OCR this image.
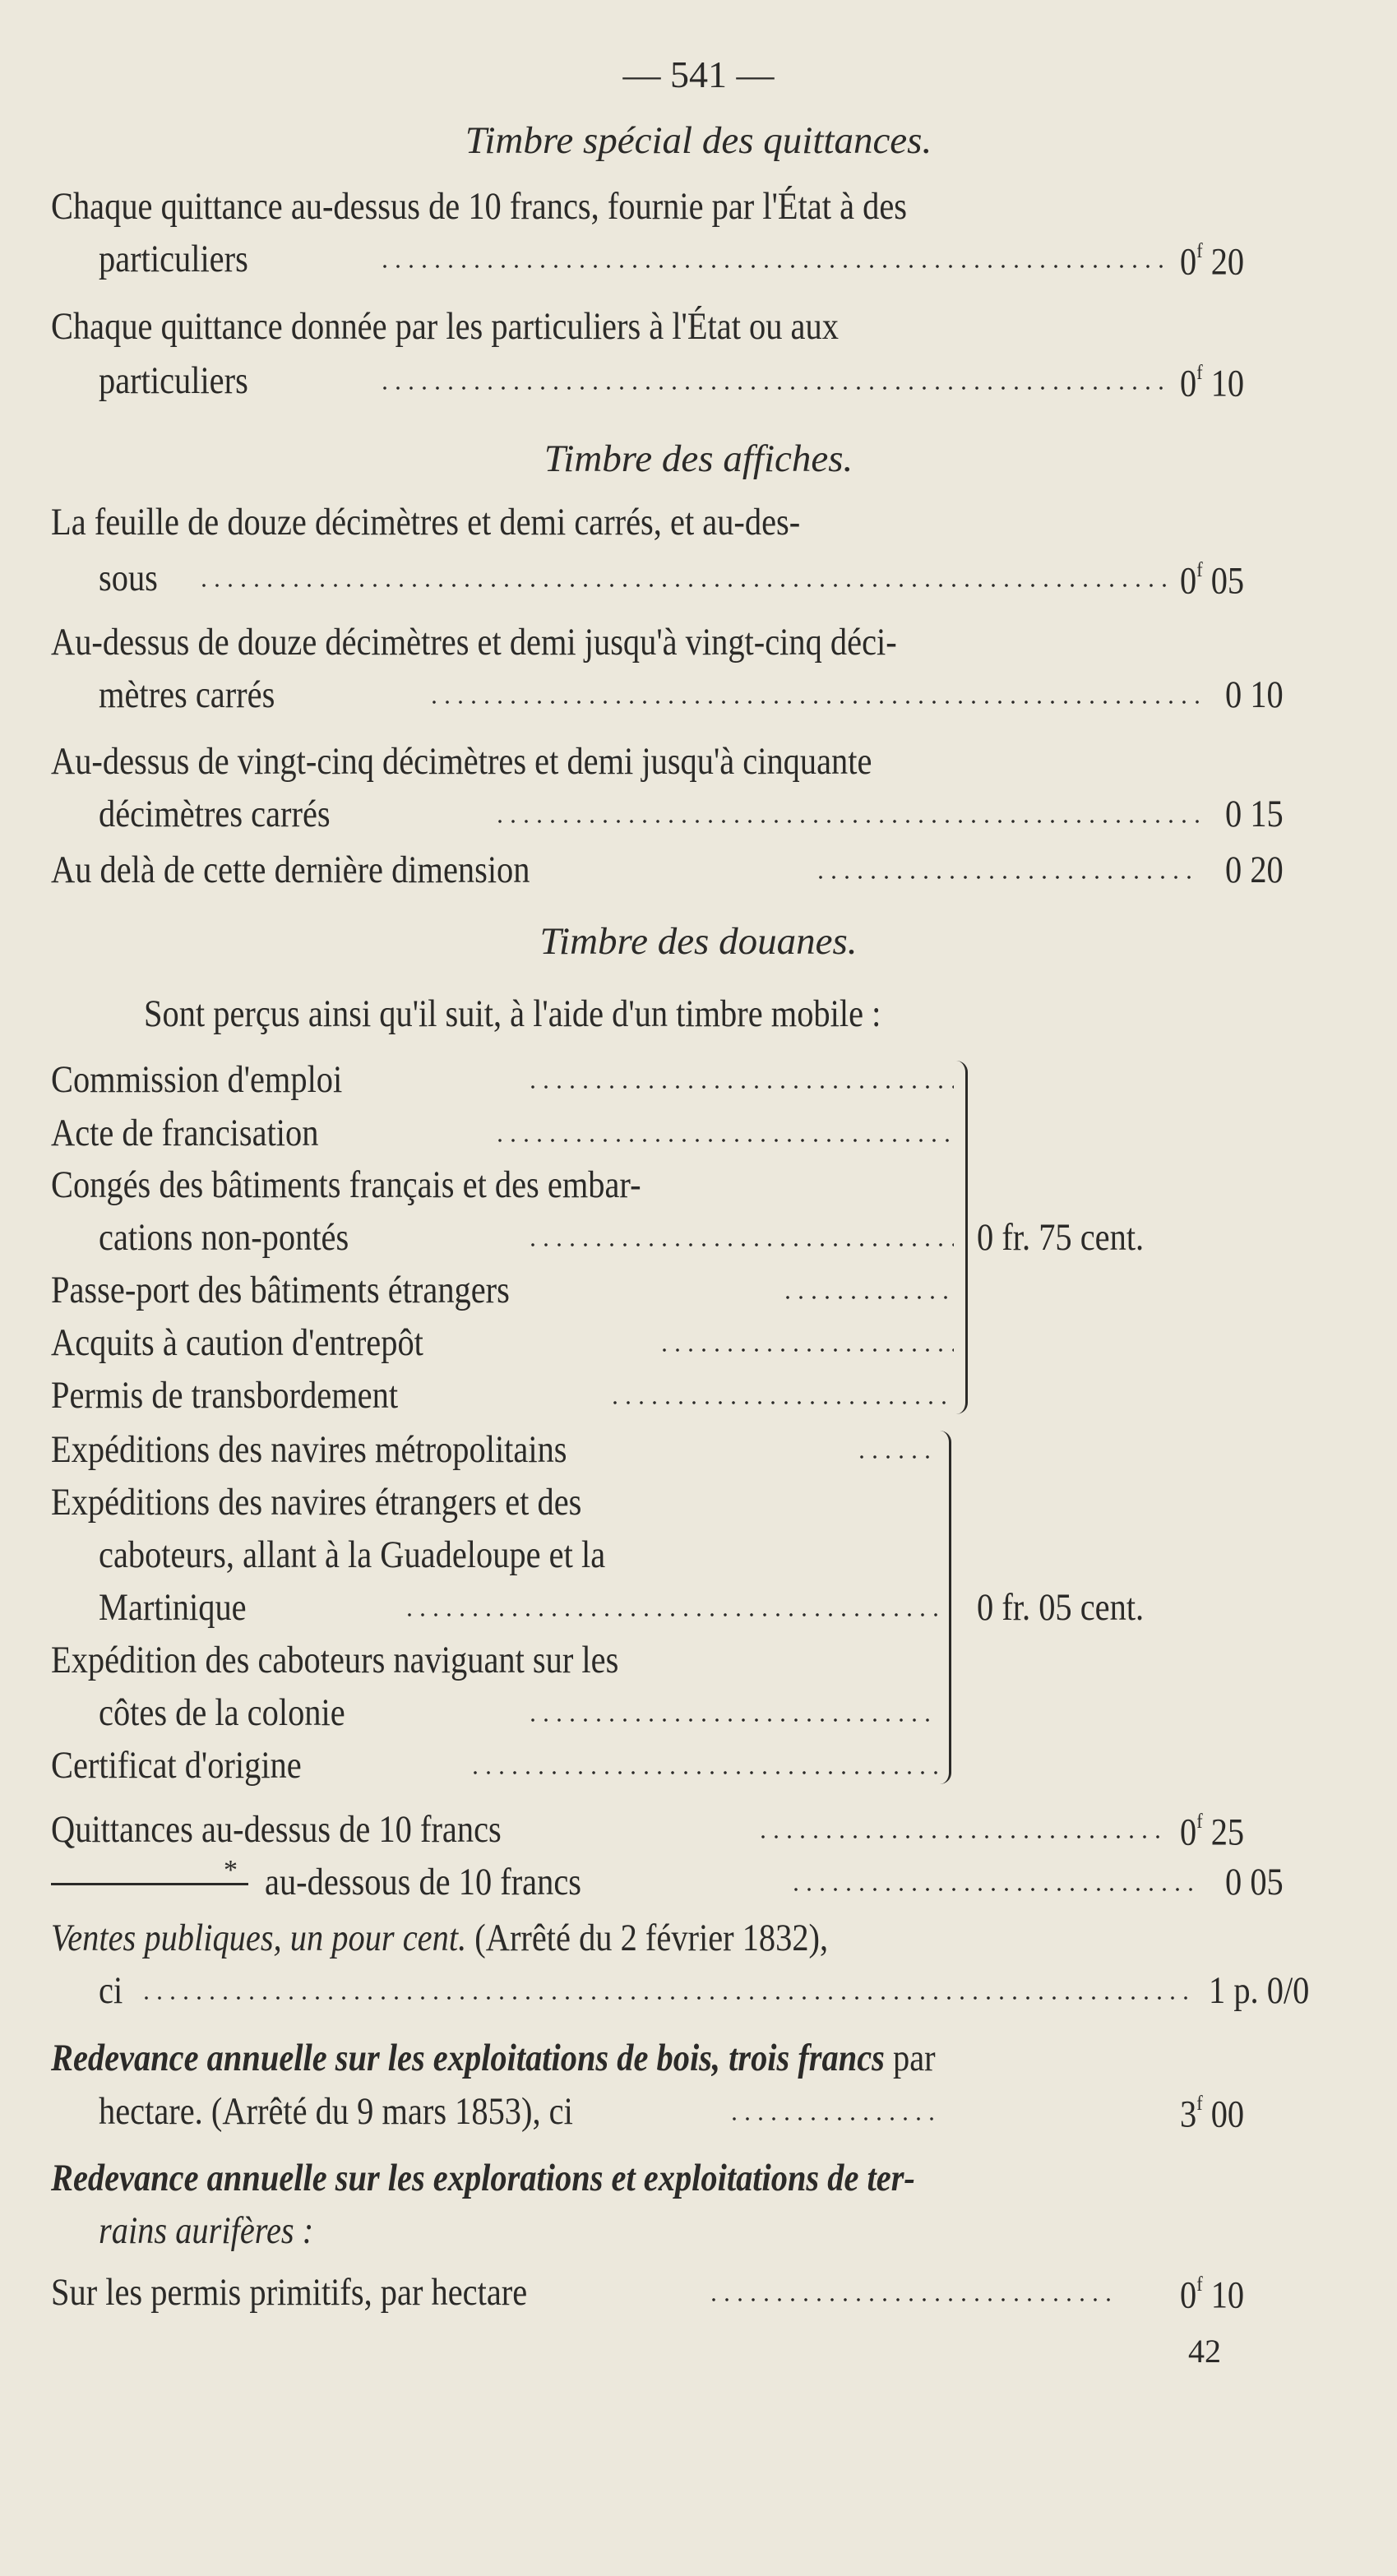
— 541 —
Timbre spécial des quittances.
Chaque quittance au-dessus de 10 francs, fournie par l'État à des
particuliers	0$^f$ 20
Chaque quittance donnée par les particuliers à l'État ou aux
particuliers	0$^f$ 10
Timbre des affiches.
La feuille de douze décimètres et demi carrés, et au-des-
sous	0$^f$ 05
Au-dessus de douze décimètres et demi jusqu'à vingt-cinq déci-
mètres carrés	0 10
Au-dessus de vingt-cinq décimètres et demi jusqu'à cinquante
décimètres carrés	0 15
Au delà de cette dernière dimension	0 20
Timbre des douanes.
Sont perçus ainsi qu'il suit, à l'aide d'un timbre mobile :
Commission d'emploi
Acte de francisation
Congés des bâtiments français et des embar-
cations non-pontés
Passe-port des bâtiments étrangers
Acquits à caution d'entrepôt
Permis de transbordement
0 fr. 75 cent.
Expéditions des navires métropolitains
Expéditions des navires étrangers et des
caboteurs, allant à la Guadeloupe et la
Martinique
Expédition des caboteurs naviguant sur les
côtes de la colonie
Certificat d'origine
0 fr. 05 cent.
Quittances au-dessus de 10 francs	0$^f$ 25
* au-dessous de 10 francs	0 05
Ventes publiques, un pour cent. (Arrêté du 2 février 1832),
ci	1 p. 0/0
Redevance annuelle sur les exploitations de bois, trois francs par
hectare. (Arrêté du 9 mars 1853), ci	3$^f$ 00
Redevance annuelle sur les explorations et exploitations de ter-
rains aurifères :
Sur les permis primitifs, par hectare	0$^f$ 10
42
